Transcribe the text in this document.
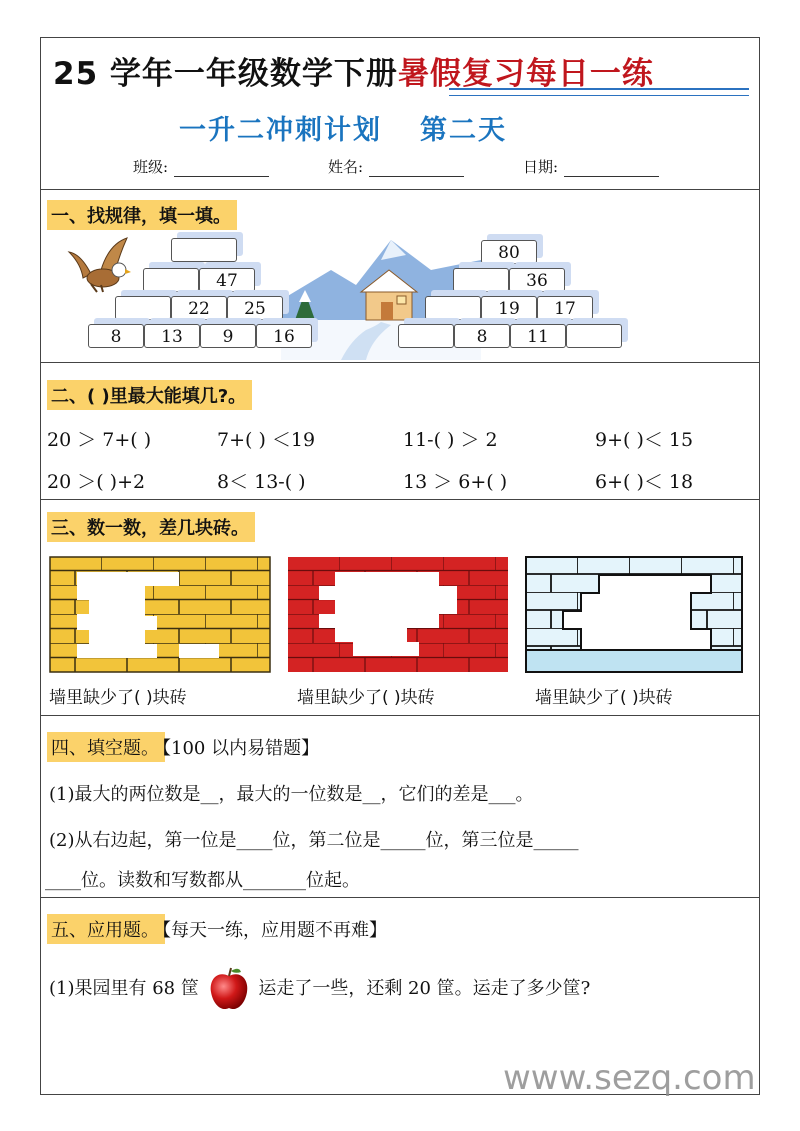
25 学年一年级数学下册暑假复习每日一练
一升二冲刺计划 第二天
班级:	姓名:	日期:
一、找规律，填一填。
47
22	25
8	13	9	16
80
36
19	17
8	11
二、( )里最大能填几?。
20 ＞ 7+( )	7+( ) ＜19	11-( ) ＞ 2	9+( )＜ 15
20 ＞( )+2	8＜ 13-( )	13 ＞ 6+( )	6+( )＜ 18
三、数一数，差几块砖。
墙里缺少了( )块砖	墙里缺少了( )块砖	墙里缺少了( )块砖
四、填空题。
【100 以内易错题】
(1)最大的两位数是__，最大的一位数是__，它们的差是___。
(2)从右边起，第一位是____位，第二位是_____位，第三位是_____
____位。读数和写数都从_______位起。
五、应用题。
【每天一练，应用题不再难】
(1)果园里有 68 筐	运走了一些，还剩 20 筐。运走了多少筐?
www.sezq.com
